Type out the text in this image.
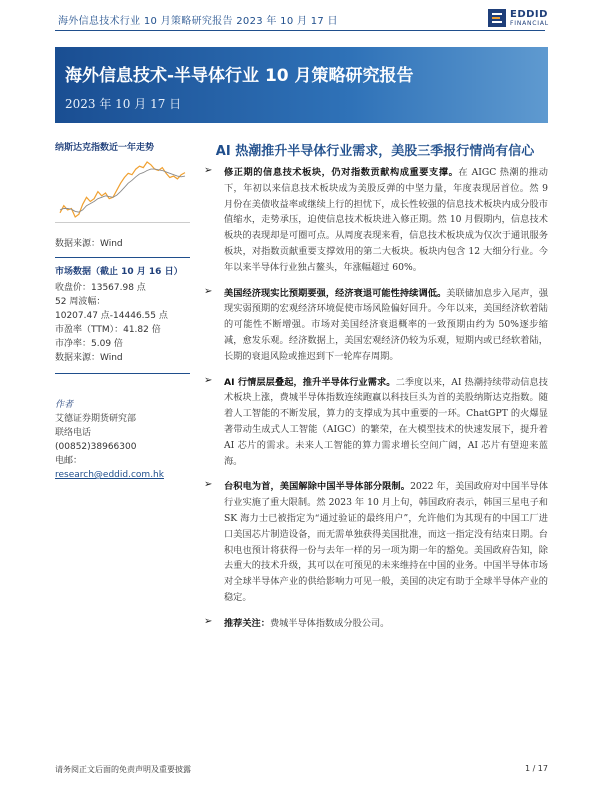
海外信息技术行业 10 月策略研究报告 2023 年 10 月 17 日
EDDID
FINANCIAL
海外信息技术-半导体行业 10 月策略研究报告
2023 年 10 月 17 日
纳斯达克指数近一年走势
数据来源：Wind
市场数据（截止 10 月 16 日）
收盘价：13567.98 点
52 周波幅：
10207.47 点-14446.55 点
市盈率（TTM）：41.82 倍
市净率：5.09 倍
数据来源：Wind
作者
艾德证券期货研究部
联络电话
(00852)38966300
电邮：
research@eddid.com.hk
AI 热潮推升半导体行业需求，美股三季报行情尚有信心
➢ 修正期的信息技术板块，仍对指数贡献构成重要支撑。在 AIGC 热潮的推动下，年初以来信息技术板块成为美股反弹的中坚力量，年度表现居首位。然 9 月份在美债收益率或继续上行的担忧下，成长性较强的信息技术板块内成分股市值缩水，走势承压，迫使信息技术板块进入修正期。然 10 月假期内，信息技术板块的表现却是可圈可点。从周度表现来看，信息技术板块成为仅次于通讯服务板块，对指数贡献重要支撑效用的第二大板块。板块内包含 12 大细分行业。今年以来半导体行业独占鳌头，年涨幅超过 60%。
➢ 美国经济现实比预期要强，经济衰退可能性持续调低。美联储加息步入尾声，强现实弱预期的宏观经济环境促使市场风险偏好回升。今年以来，美国经济软着陆的可能性不断增强。市场对美国经济衰退概率的一致预期由约为 50%逐步缩减，愈发乐观。经济数据上，美国宏观经济仍较为乐观，短期内或已经软着陆，长期的衰退风险或推迟到下一轮库存周期。
➢ AI 行情层层叠起，推升半导体行业需求。二季度以来，AI 热潮持续带动信息技术板块上涨，费城半导体指数连续跑赢以科技巨头为首的美股纳斯达克指数。随着人工智能的不断发展，算力的支撑成为其中重要的一环。ChatGPT 的火爆显著带动生成式人工智能（AIGC）的繁荣，在大模型技术的快速发展下，提升着 AI 芯片的需求。未来人工智能的算力需求增长空间广阔，AI 芯片有望迎来蓝海。
➢ 台积电为首，美国解除中国半导体部分限制。2022 年，美国政府对中国半导体行业实施了重大限制。然 2023 年 10 月上旬，韩国政府表示，韩国三星电子和 SK 海力士已被指定为“通过验证的最终用户”，允许他们为其现有的中国工厂进口美国芯片制造设备，而无需单独获得美国批准，而这一指定没有结束日期。台积电也预计将获得一份与去年一样的另一项为期一年的豁免。美国政府告知，除去重大的技术升级，其可以在可预见的未来维持在中国的业务。中国半导体市场对全球半导体产业的供给影响力可见一般，美国的决定有助于全球半导体产业的稳定。
➢ 推荐关注：费城半导体指数成分股公司。
请务阅正文后面的免责声明及重要披露	1 / 17
